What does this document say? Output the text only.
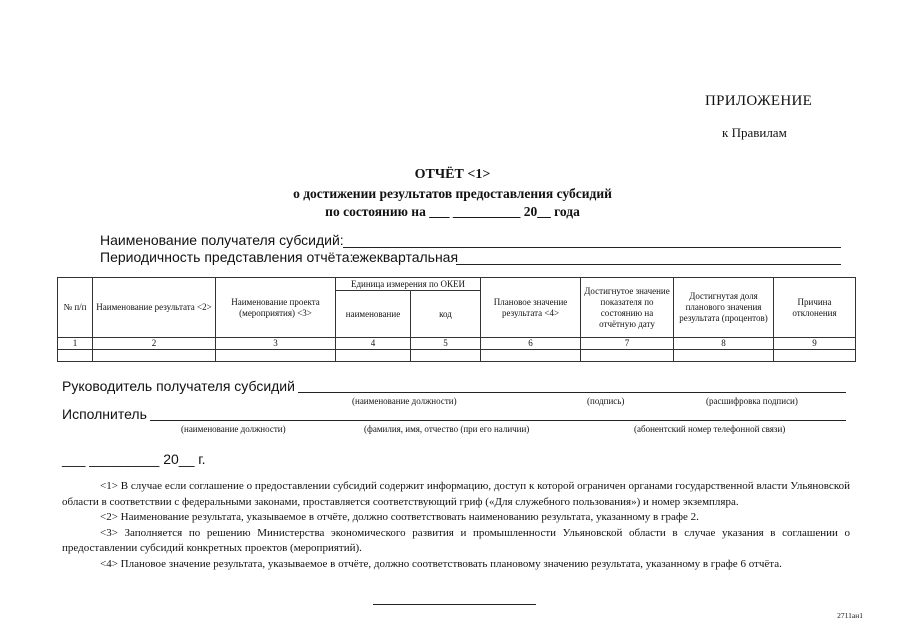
ПРИЛОЖЕНИЕ
к Правилам
ОТЧЁТ <1>
о достижении результатов предоставления субсидий
по состоянию на ___ __________ 20__ года
Наименование получателя субсидий:
Периодичность представления отчёта:
ежеквартальная
№ п/п	Наименование результата <2>	Наименование проекта (мероприятия) <3>	Единица измерения по ОКЕИ		Плановое значение результата <4>	Достигнутое значение показателя по состоянию на отчётную дату	Достигнутая доля планового значения результата (процентов)	Причина отклонения
			наименование	код				
1	2	3	4	5	6	7	8	9

Руководитель получателя субсидий
(наименование должности)	(подпись)	(расшифровка подписи)
Исполнитель
(наименование должности)	(фамилия, имя, отчество (при его наличии)	(абонентский номер телефонной связи)
___ _________ 20__ г.

<1> В случае если соглашение о предоставлении субсидий содержит информацию, доступ к которой ограничен органами государственной власти Ульяновской области в соответствии с федеральными законами, проставляется соответствующий гриф («Для служебного пользования») и номер экземпляра.

<2> Наименование результата, указываемое в отчёте, должно соответствовать наименованию результата, указанному в графе 2.

<3> Заполняется по решению Министерства экономического развития и промышленности Ульяновской области в случае указания в соглашении о предоставлении субсидий конкретных проектов (мероприятий).

<4> Плановое значение результата, указываемое в отчёте, должно соответствовать плановому значению результата, указанному в графе 6 отчёта.

2711ан1
